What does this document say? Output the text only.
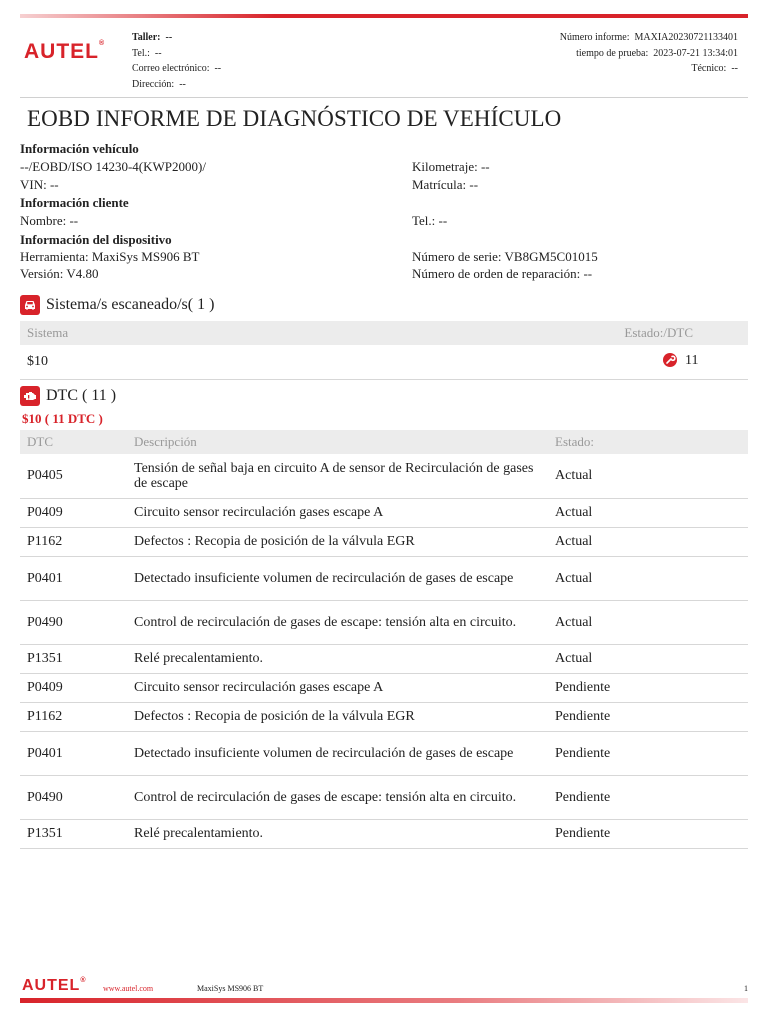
AUTEL®
Taller: --
Tel.: --
Correo electrónico: --
Dirección: --
Número informe: MAXIA20230721133401
tiempo de prueba: 2023-07-21 13:34:01
Técnico: --
EOBD INFORME DE DIAGNÓSTICO DE VEHÍCULO
Información vehículo
--/EOBD/ISO 14230-4(KWP2000)/
VIN: --
Kilometraje: --
Matrícula: --
Información cliente
Nombre: --	Tel.: --
Información del dispositivo
Herramienta: MaxiSys MS906 BT
Versión: V4.80
Número de serie: VB8GM5C01015
Número de orden de reparación: --
Sistema/s escaneado/s( 1 )
Sistema	Estado:/DTC
$10	11
DTC ( 11 )
$10 ( 11 DTC )
DTC	Descripción	Estado:
P0405	Tensión de señal baja en circuito A de sensor de Recirculación de gases de escape	Actual
P0409	Circuito sensor recirculación gases escape A	Actual
P1162	Defectos : Recopia de posición de la válvula EGR	Actual
P0401	Detectado insuficiente volumen de recirculación de gases de escape	Actual
P0490	Control de recirculación de gases de escape: tensión alta en circuito.	Actual
P1351	Relé precalentamiento.	Actual
P0409	Circuito sensor recirculación gases escape A	Pendiente
P1162	Defectos : Recopia de posición de la válvula EGR	Pendiente
P0401	Detectado insuficiente volumen de recirculación de gases de escape	Pendiente
P0490	Control de recirculación de gases de escape: tensión alta en circuito.	Pendiente
P1351	Relé precalentamiento.	Pendiente
AUTEL®
www.autel.com	MaxiSys MS906 BT	1
